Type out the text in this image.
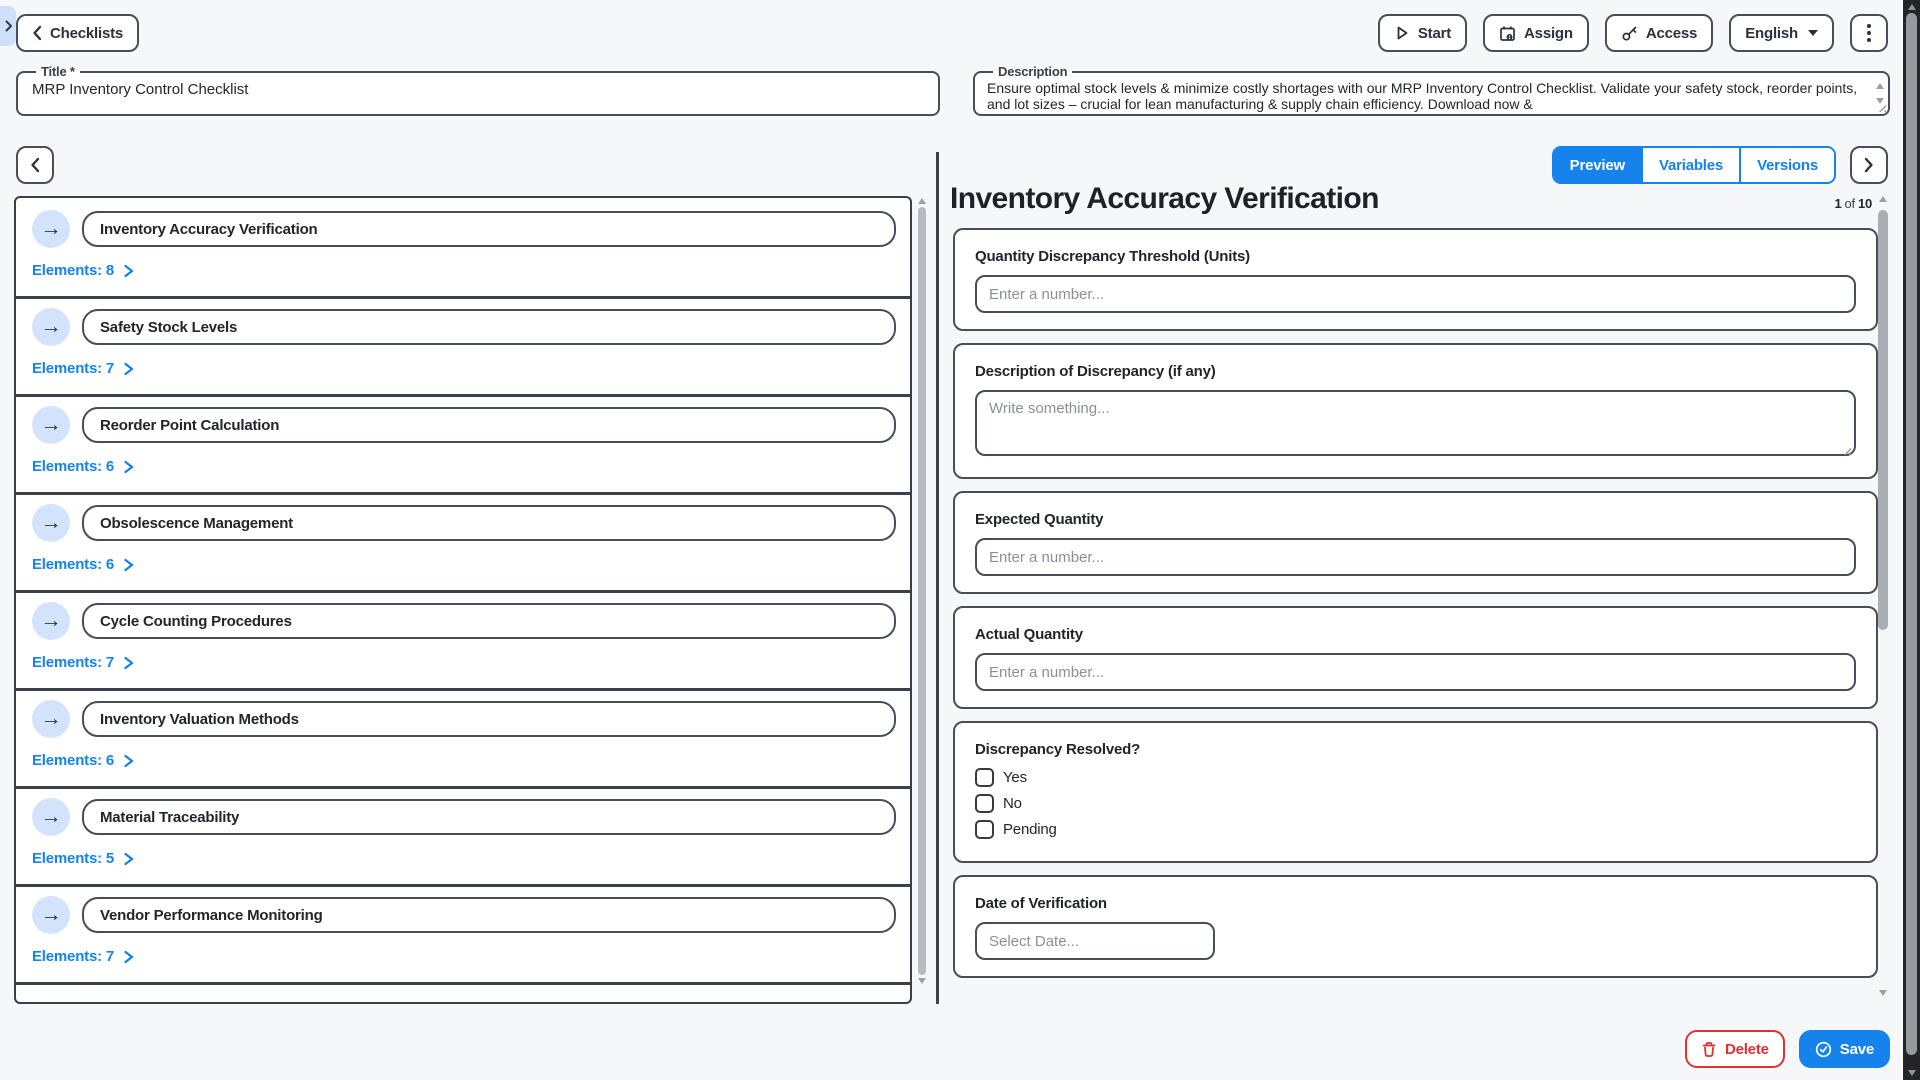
Checklists	Start	Assign	Access	English
Title *
MRP Inventory Control Checklist	Description
Ensure optimal stock levels & minimize costly shortages with our MRP Inventory Control Checklist. Validate your safety stock, reorder points, and lot sizes – crucial for lean manufacturing & supply chain efficiency. Download now &
Preview	Variables	Versions
→
Inventory Accuracy Verification
Elements: 8
→
Safety Stock Levels
Elements: 7
→
Reorder Point Calculation
Elements: 6
→
Obsolescence Management
Elements: 6
→
Cycle Counting Procedures
Elements: 7
→
Inventory Valuation Methods
Elements: 6
→
Material Traceability
Elements: 5
→
Vendor Performance Monitoring
Elements: 7
Inventory Accuracy Verification	1 of 10
Quantity Discrepancy Threshold (Units)
Enter a number...
Description of Discrepancy (if any)
Write something...
Expected Quantity
Enter a number...
Actual Quantity
Enter a number...
Discrepancy Resolved?
Yes
No
Pending
Date of Verification
Select Date...
Delete	Save
